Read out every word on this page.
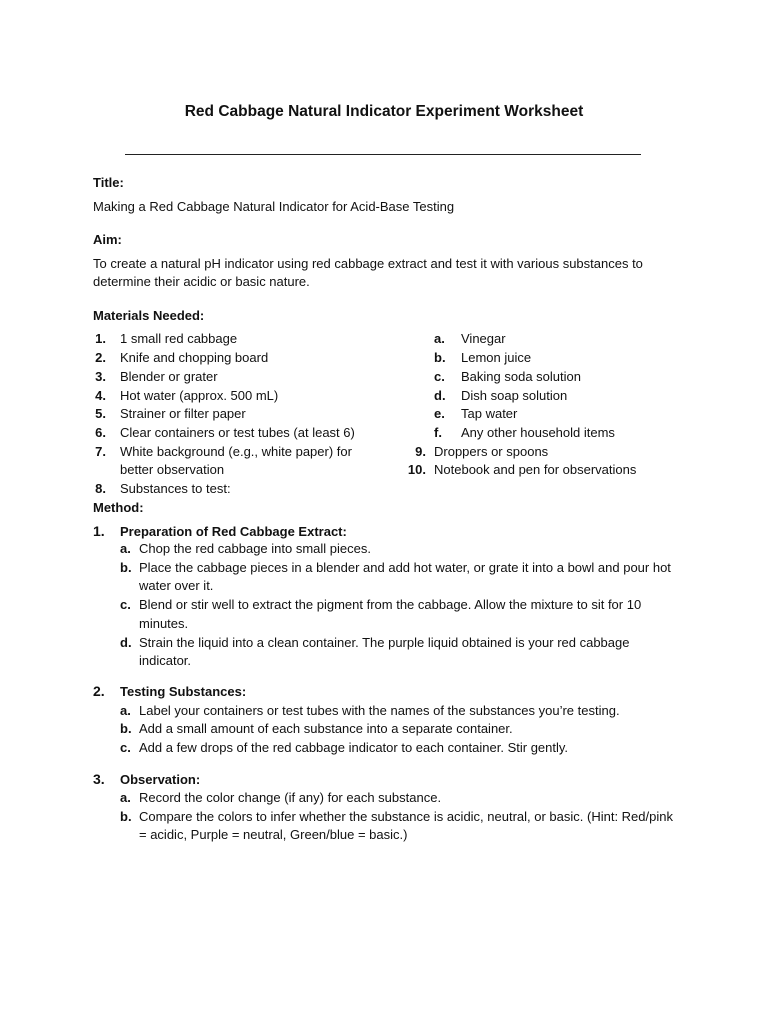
Red Cabbage Natural Indicator Experiment Worksheet
Title:
Making a Red Cabbage Natural Indicator for Acid-Base Testing
Aim:
To create a natural pH indicator using red cabbage extract and test it with various substances to
determine their acidic or basic nature.
Materials Needed:
1. 1 small red cabbage
2. Knife and chopping board
3. Blender or grater
4. Hot water (approx. 500 mL)
5. Strainer or filter paper
6. Clear containers or test tubes (at least 6)
7. White background (e.g., white paper) for
better observation
8. Substances to test:
a. Vinegar
b. Lemon juice
c. Baking soda solution
d. Dish soap solution
e. Tap water
f. Any other household items
9. Droppers or spoons
10. Notebook and pen for observations
Method:
1. Preparation of Red Cabbage Extract:
a. Chop the red cabbage into small pieces.
b. Place the cabbage pieces in a blender and add hot water, or grate it into a bowl and pour hot
water over it.
c. Blend or stir well to extract the pigment from the cabbage. Allow the mixture to sit for 10
minutes.
d. Strain the liquid into a clean container. The purple liquid obtained is your red cabbage
indicator.
2. Testing Substances:
a. Label your containers or test tubes with the names of the substances you’re testing.
b. Add a small amount of each substance into a separate container.
c. Add a few drops of the red cabbage indicator to each container. Stir gently.
3. Observation:
a. Record the color change (if any) for each substance.
b. Compare the colors to infer whether the substance is acidic, neutral, or basic. (Hint: Red/pink
= acidic, Purple = neutral, Green/blue = basic.)
